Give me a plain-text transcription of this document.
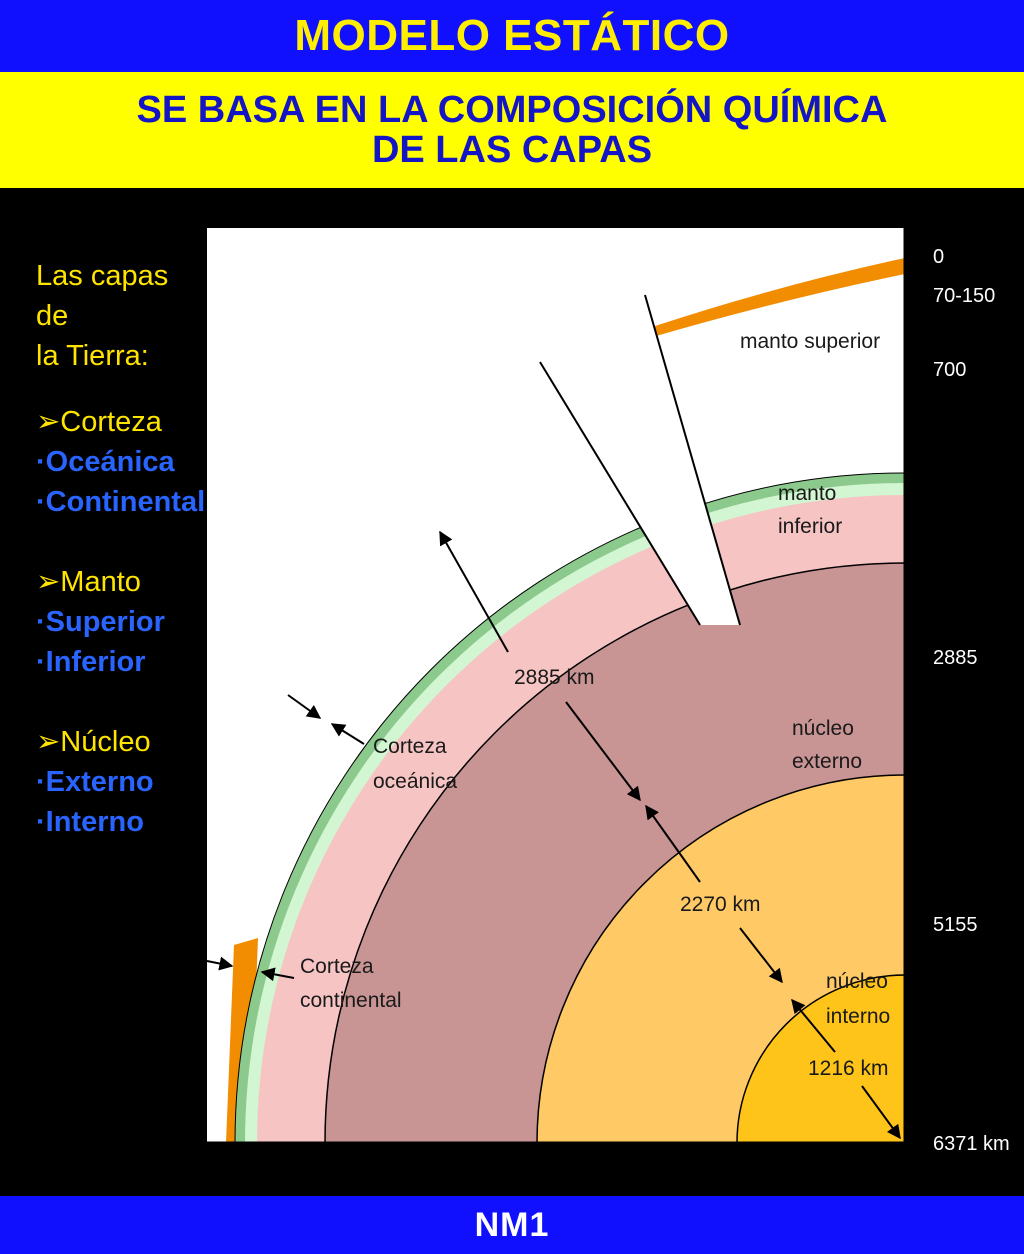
MODELO ESTÁTICO
SE BASA EN LA COMPOSICIÓN QUÍMICA
DE LAS CAPAS
Las capas de
la Tierra:
➢Corteza
·Oceánica
·Continental
➢Manto
·Superior
·Inferior
➢Núcleo
·Externo
·Interno
0
70-150
700
2885
5155
6371 km
manto superior
manto
inferior
núcleo
externo
núcleo
interno
Corteza
oceánica
Corteza
continental
2885 km
2270 km
1216 km
NM1
